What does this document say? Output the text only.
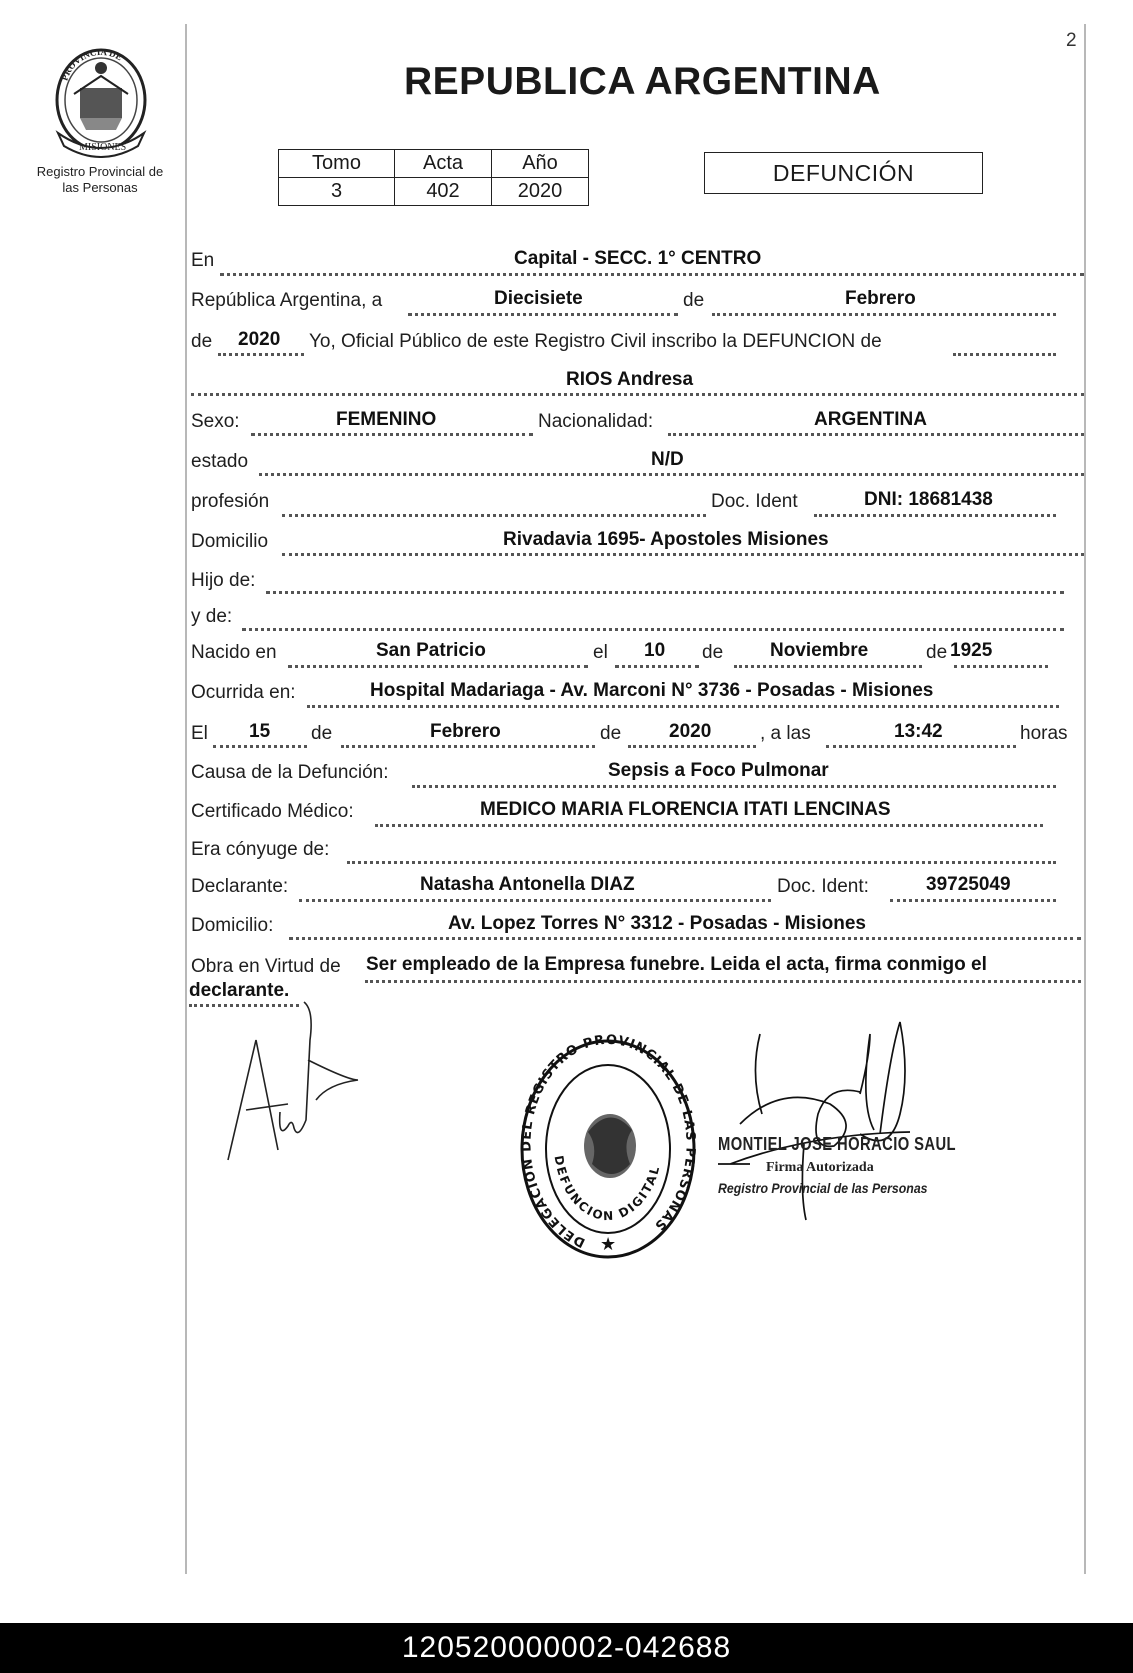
2
PROVINCIA DE
MISIONES
Registro Provincial de
las Personas
REPUBLICA ARGENTINA
Tomo	Acta	Año
3	402	2020
DEFUNCIÓN
En	Capital - SECC. 1° CENTRO
República Argentina, a	Diecisiete	de	Febrero
de 2020 Yo, Oficial Público de este Registro Civil inscribo la DEFUNCION de
RIOS Andresa
Sexo:	FEMENINO	Nacionalidad:	ARGENTINA
estado	N/D
profesión	Doc. Ident	DNI: 18681438
Domicilio	Rivadavia 1695- Apostoles Misiones
Hijo de:
y de:
Nacido en	San Patricio	el 10 de Noviembre	de 1925
Ocurrida en:	Hospital Madariaga - Av. Marconi N° 3736 - Posadas - Misiones
El 15 de	Febrero	de	2020	, a las	13:42	horas
Causa de la Defunción:	Sepsis a Foco Pulmonar
Certificado Médico:	MEDICO MARIA FLORENCIA ITATI LENCINAS
Era cónyuge de:
Declarante:	Natasha Antonella DIAZ	Doc. Ident:	39725049
Domicilio:	Av. Lopez Torres N° 3312 - Posadas - Misiones
Obra en Virtud de Ser empleado de la Empresa funebre. Leida el acta, firma conmigo el
declarante.
DELEGACION DEL REGISTRO PROVINCIAL DE LAS PERSONAS
DEFUNCION DIGITAL
★
MONTIEL JOSE HORACIO SAUL
Firma Autorizada
Registro Provincial de las Personas
120520000002-042688
